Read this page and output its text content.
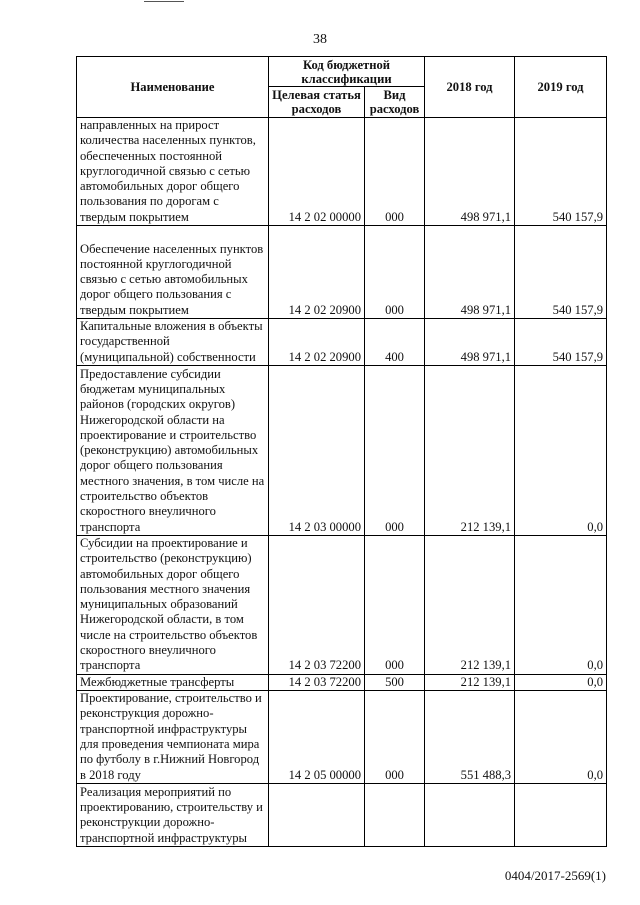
38
Наименование	Код бюджетной классификации		2018 год	2019 год
	Целевая статья расходов	Вид расходов		
направленных на прирост количества населенных пунктов, обеспеченных постоянной круглогодичной связью с сетью автомобильных дорог общего пользования по дорогам с твердым покрытием	14 2 02 00000	000	498 971,1	540 157,9
Обеспечение населенных пунктов постоянной круглогодичной связью с сетью автомобильных дорог общего пользования с твердым покрытием	14 2 02 20900	000	498 971,1	540 157,9
Капитальные вложения в объекты государственной (муниципальной) собственности	14 2 02 20900	400	498 971,1	540 157,9
Предоставление субсидии бюджетам муниципальных районов (городских округов) Нижегородской области на проектирование и строительство (реконструкцию) автомобильных дорог общего пользования местного значения, в том числе на строительство объектов скоростного внеуличного транспорта	14 2 03 00000	000	212 139,1	0,0
Субсидии на проектирование и строительство (реконструкцию) автомобильных дорог общего пользования местного значения муниципальных образований Нижегородской области, в том числе на строительство объектов скоростного внеуличного транспорта	14 2 03 72200	000	212 139,1	0,0
Межбюджетные трансферты	14 2 03 72200	500	212 139,1	0,0
Проектирование, строительство и реконструкция дорожно-транспортной инфраструктуры для проведения чемпионата мира по футболу в г.Нижний Новгород в 2018 году	14 2 05 00000	000	551 488,3	0,0
Реализация мероприятий по проектированию, строительству и реконструкции дорожно-транспортной инфраструктуры				
0404/2017-2569(1)
